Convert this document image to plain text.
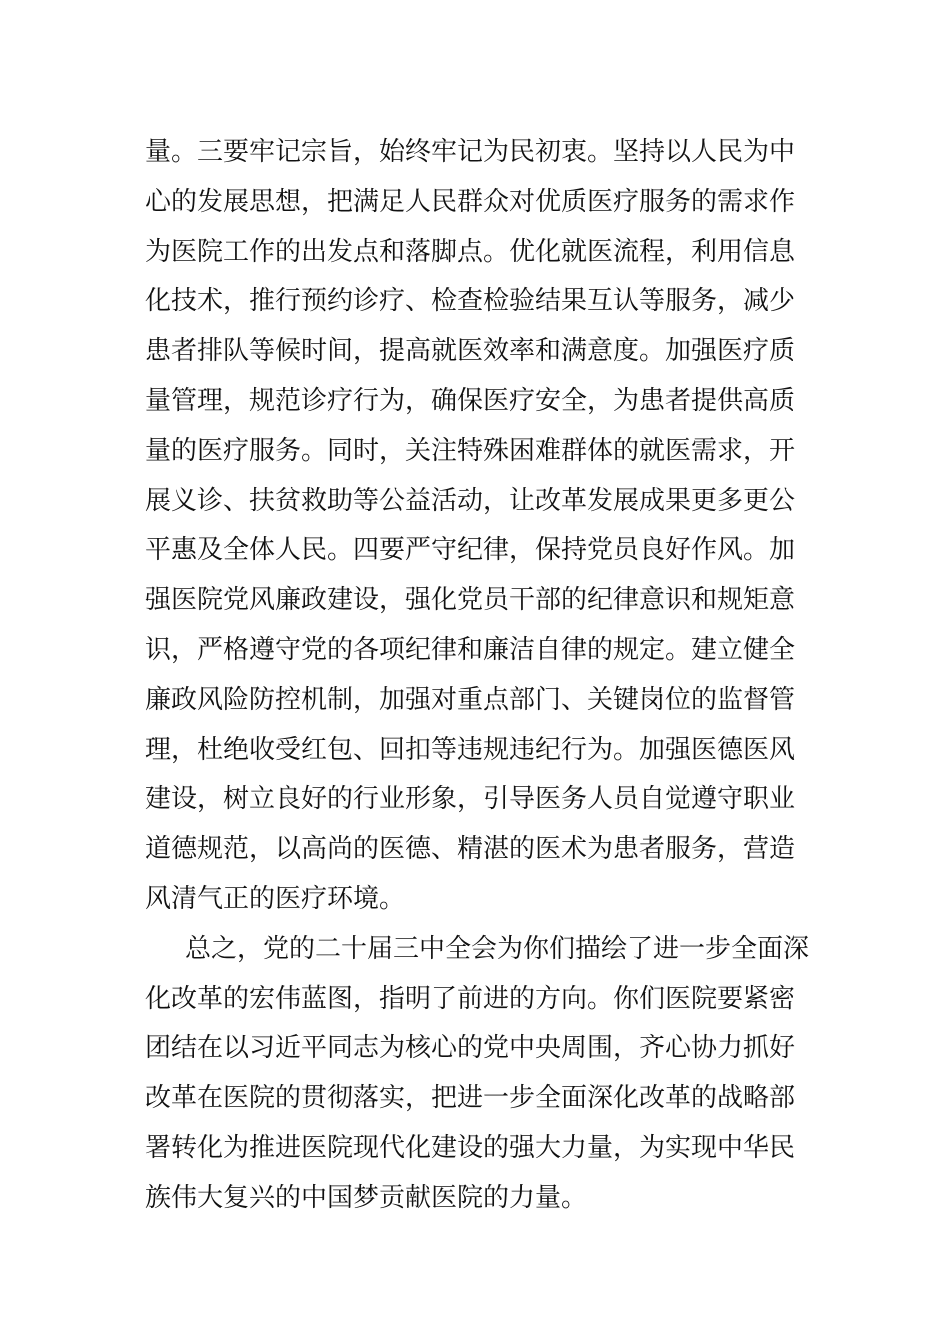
量。三要牢记宗旨，始终牢记为民初衷。坚持以人民为中
心的发展思想，把满足人民群众对优质医疗服务的需求作
为医院工作的出发点和落脚点。优化就医流程，利用信息
化技术，推行预约诊疗、检查检验结果互认等服务，减少
患者排队等候时间，提高就医效率和满意度。加强医疗质
量管理，规范诊疗行为，确保医疗安全，为患者提供高质
量的医疗服务。同时，关注特殊困难群体的就医需求，开
展义诊、扶贫救助等公益活动，让改革发展成果更多更公
平惠及全体人民。四要严守纪律，保持党员良好作风。加
强医院党风廉政建设，强化党员干部的纪律意识和规矩意
识，严格遵守党的各项纪律和廉洁自律的规定。建立健全
廉政风险防控机制，加强对重点部门、关键岗位的监督管
理，杜绝收受红包、回扣等违规违纪行为。加强医德医风
建设，树立良好的行业形象，引导医务人员自觉遵守职业
道德规范，以高尚的医德、精湛的医术为患者服务，营造
风清气正的医疗环境。
总之，党的二十届三中全会为你们描绘了进一步全面深
化改革的宏伟蓝图，指明了前进的方向。你们医院要紧密
团结在以习近平同志为核心的党中央周围，齐心协力抓好
改革在医院的贯彻落实，把进一步全面深化改革的战略部
署转化为推进医院现代化建设的强大力量，为实现中华民
族伟大复兴的中国梦贡献医院的力量。
